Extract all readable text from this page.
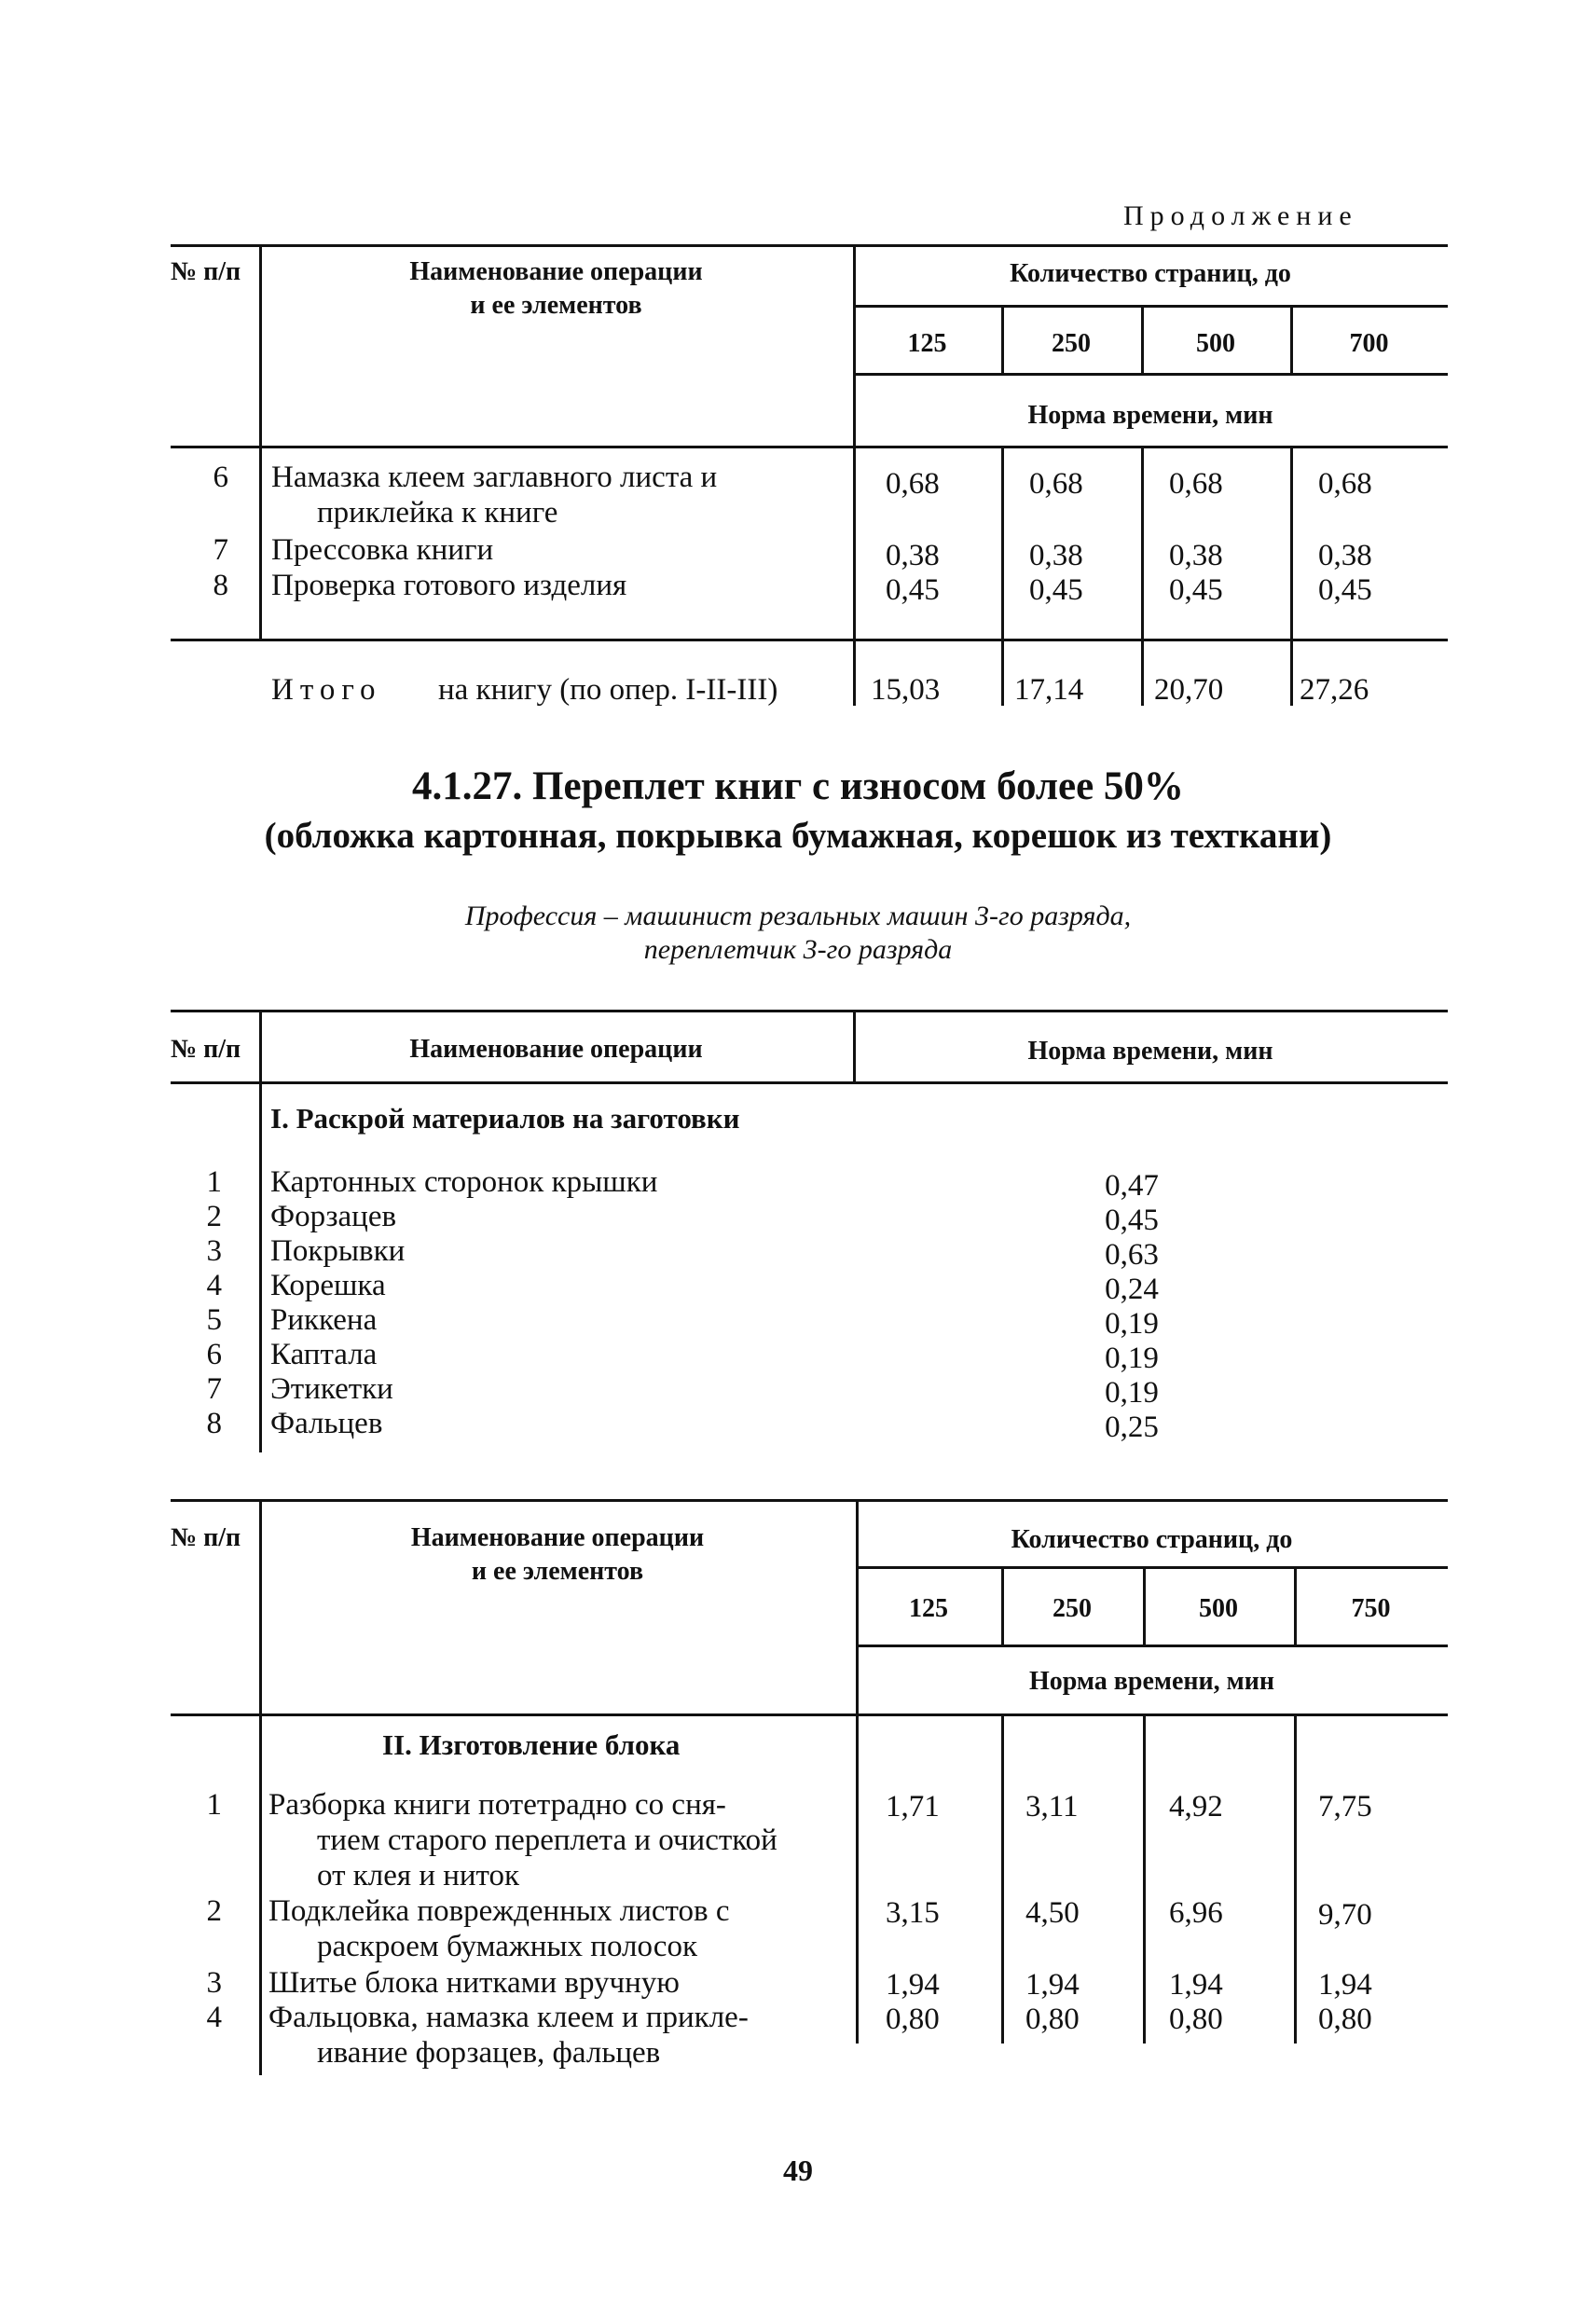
Продолжение
№ п/п	Наименование операции
и ее элементов
Количество страниц, до
125	250	500	700
Норма времени, мин
6 Намазка клеем заглавного листа и
приклейка к книге
0,68	0,68	0,68	0,68
7 Прессовка книги	0,38	0,38	0,38	0,38
8 Проверка готового изделия	0,45	0,45	0,45	0,45
Итого на книгу (по опер. I-II-III)	15,03 17,14 20,70 27,26
4.1.27. Переплет книг с износом более 50%
(обложка картонная, покрывка бумажная, корешок из техткани)
Профессия – машинист резальных машин 3-го разряда,
переплетчик 3-го разряда
№ п/п	Наименование операции	Норма времени, мин
I. Раскрой материалов на заготовки
1 Картонных сторонок крышки	0,47
2 Форзацев	0,45
3 Покрывки	0,63
4 Корешка	0,24
5 Риккена	0,19
6 Каптала	0,19
7 Этикетки	0,19
8 Фальцев	0,25
№ п/п	Наименование операции
и ее элементов
Количество страниц, до
125	250	500	750
Норма времени, мин
II. Изготовление блока
1 Разборка книги потетрадно со сня-
тием старого переплета и очисткой
от клея и ниток
1,71	3,11	4,92	7,75
2 Подклейка поврежденных листов с
раскроем бумажных полосок
3,15	4,50	6,96	9,70
3 Шитье блока нитками вручную	1,94	1,94	1,94	1,94
4 Фальцовка, намазка клеем и прикле-
ивание форзацев, фальцев
0,80	0,80	0,80	0,80
49
